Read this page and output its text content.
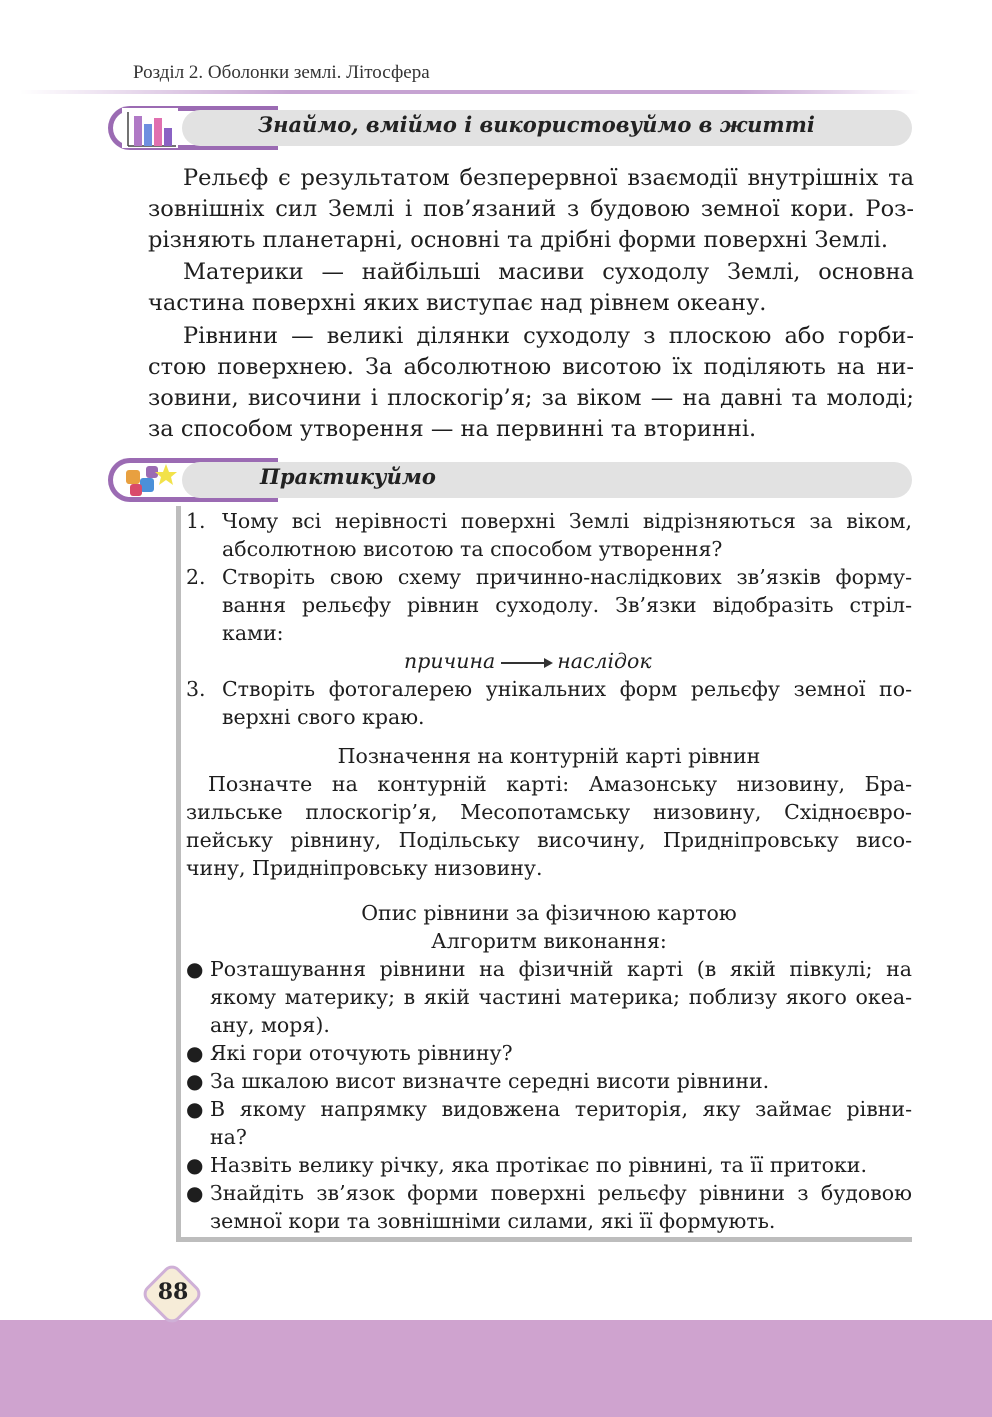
Розділ 2. Оболонки землі. Літосфера
Знаймо, вміймо і використовуймо в житті
Рельєф є результатом безперервної взаємодії внутрішніх та
зовнішніх сил Землі і пов’язаний з будовою земної кори. Роз-
різняють планетарні, основні та дрібні форми поверхні Землі.
Материки — найбільші масиви суходолу Землі, основна
частина поверхні яких виступає над рівнем океану.
Рівнини — великі ділянки суходолу з плоскою або горби-
стою поверхнею. За абсолютною висотою їх поділяють на ни-
зовини, височини і плоскогір’я; за віком — на давні та молоді;
за способом утворення — на первинні та вторинні.
Практикуймо
1. Чому всі нерівності поверхні Землі відрізняються за віком,
абсолютною висотою та способом утворення?
2. Створіть свою схему причинно-наслідкових зв’язків форму-
вання рельєфу рівнин суходолу. Зв’язки відобразіть стріл-
ками:
причина	наслідок
3. Створіть фотогалерею унікальних форм рельєфу земної по-
верхні свого краю.
Позначення на контурній карті рівнин
Позначте на контурній карті: Амазонську низовину, Бра-
зильське плоскогір’я, Месопотамську низовину, Східноєвро-
пейську рівнину, Подільську височину, Придніпровську висо-
чину, Придніпровську низовину.
Опис рівнини за фізичною картою
Алгоритм виконання:
● Розташування рівнини на фізичній карті (в якій півкулі; на
якому материку; в якій частині материка; поблизу якого океа-
ану, моря).
● Які гори оточують рівнину?
● За шкалою висот визначте середні висоти рівнини.
● В якому напрямку видовжена територія, яку займає рівни-
на?
● Назвіть велику річку, яка протікає по рівнині, та її притоки.
● Знайдіть зв’язок форми поверхні рельєфу рівнини з будовою
земної кори та зовнішніми силами, які її формують.
88
